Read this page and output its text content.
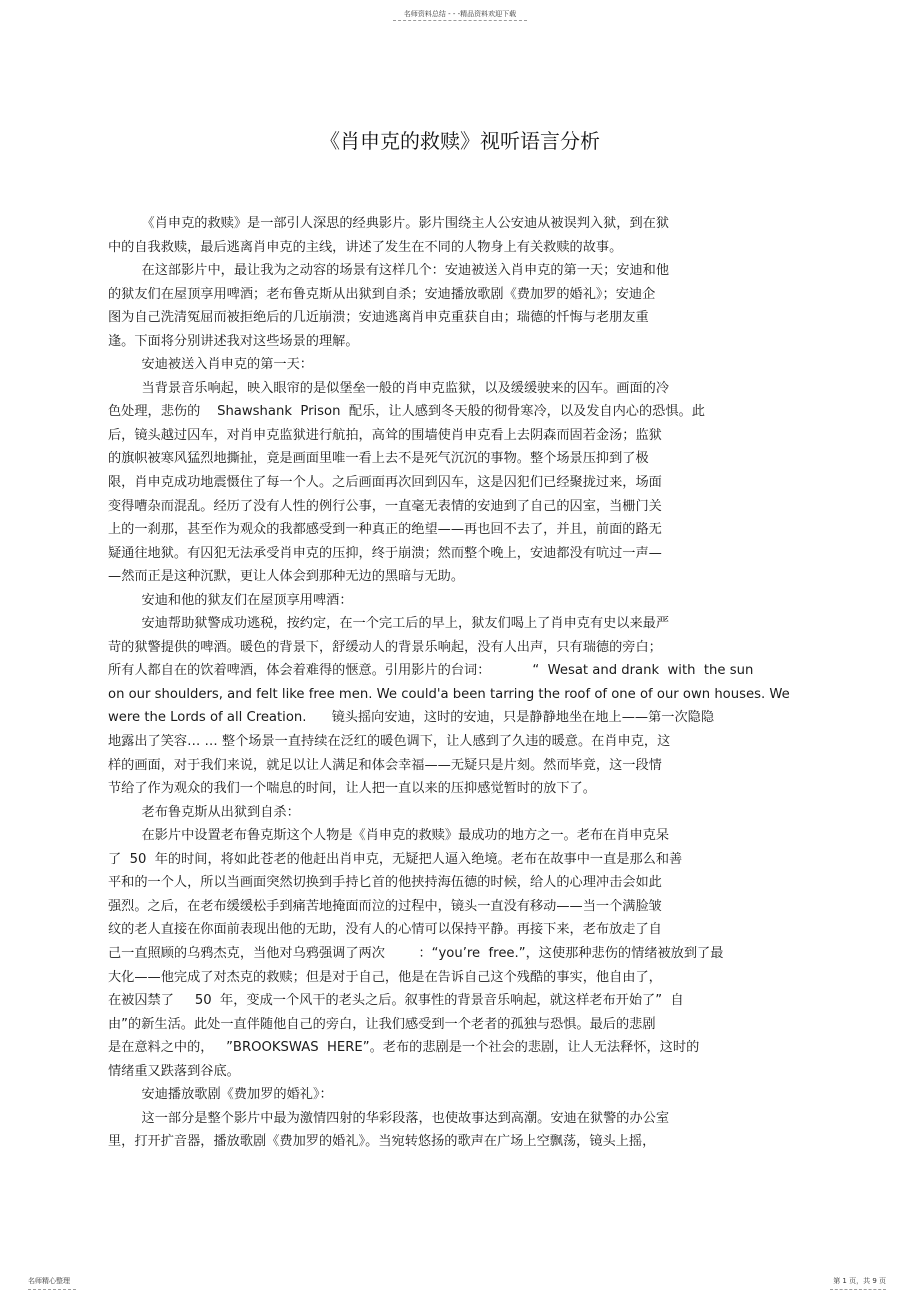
名师资料总结 - - -精品资料欢迎下载
《肖申克的救赎》视听语言分析
《肖申克的救赎》是一部引人深思的经典影片。影片围绕主人公安迪从被误判入狱，到在狱
中的自我救赎，最后逃离肖申克的主线，讲述了发生在不同的人物身上有关救赎的故事。
在这部影片中，最让我为之动容的场景有这样几个：安迪被送入肖申克的第一天；安迪和他
的狱友们在屋顶享用啤酒；老布鲁克斯从出狱到自杀；安迪播放歌剧《费加罗的婚礼》；安迪企
图为自己洗清冤屈而被拒绝后的几近崩溃；安迪逃离肖申克重获自由；瑞德的忏悔与老朋友重
逢。下面将分别讲述我对这些场景的理解。
安迪被送入肖申克的第一天：
当背景音乐响起，映入眼帘的是似堡垒一般的肖申克监狱，以及缓缓驶来的囚车。画面的冷
色处理，悲伤的    Shawshank  Prison  配乐，让人感到冬天般的彻骨寒冷，以及发自内心的恐惧。此
后，镜头越过囚车，对肖申克监狱进行航拍，高耸的围墙使肖申克看上去阴森而固若金汤；监狱
的旗帜被寒风猛烈地撕扯，竟是画面里唯一看上去不是死气沉沉的事物。整个场景压抑到了极
限，肖申克成功地震慑住了每一个人。之后画面再次回到囚车，这是囚犯们已经聚拢过来，场面
变得嘈杂而混乱。经历了没有人性的例行公事，一直毫无表情的安迪到了自己的囚室，当栅门关
上的一刹那，甚至作为观众的我都感受到一种真正的绝望——再也回不去了，并且，前面的路无
疑通往地狱。有囚犯无法承受肖申克的压抑，终于崩溃；然而整个晚上，安迪都没有吭过一声—
—然而正是这种沉默，更让人体会到那种无边的黑暗与无助。
安迪和他的狱友们在屋顶享用啤酒：
安迪帮助狱警成功逃税，按约定，在一个完工后的早上，狱友们喝上了肖申克有史以来最严
苛的狱警提供的啤酒。暖色的背景下，舒缓动人的背景乐响起，没有人出声，只有瑞德的旁白；
所有人都自在的饮着啤酒，体会着难得的惬意。引用影片的台词：          “  Wesat and drank  with  the sun
on our shoulders, and felt like free men. We could'a been tarring the roof of one of our own houses. We
were the Lords of all Creation.      镜头摇向安迪，这时的安迪，只是静静地坐在地上——第一次隐隐
地露出了笑容… … 整个场景一直持续在泛红的暖色调下，让人感到了久违的暖意。在肖申克，这
样的画面，对于我们来说，就足以让人满足和体会幸福——无疑只是片刻。然而毕竟，这一段情
节给了作为观众的我们一个喘息的时间，让人把一直以来的压抑感觉暂时的放下了。
老布鲁克斯从出狱到自杀：
在影片中设置老布鲁克斯这个人物是《肖申克的救赎》最成功的地方之一。老布在肖申克呆
了  50  年的时间，将如此苍老的他赶出肖申克，无疑把人逼入绝境。老布在故事中一直是那么和善
平和的一个人，所以当画面突然切换到手持匕首的他挟持海伍德的时候，给人的心理冲击会如此
强烈。之后，在老布缓缓松手到痛苦地掩面而泣的过程中，镜头一直没有移动——当一个满脸皱
纹的老人直接在你面前表现出他的无助，没有人的心情可以保持平静。再接下来，老布放走了自
己一直照顾的乌鸦杰克，当他对乌鸦强调了两次        ：“you’re  free.”，这使那种悲伤的情绪被放到了最
大化——他完成了对杰克的救赎；但是对于自己，他是在告诉自己这个残酷的事实，他自由了，
在被囚禁了     50  年，变成一个风干的老头之后。叙事性的背景音乐响起，就这样老布开始了”  自
由”的新生活。此处一直伴随他自己的旁白，让我们感受到一个老者的孤独与恐惧。最后的悲剧
是在意料之中的，   ”BROOKSWAS  HERE”。老布的悲剧是一个社会的悲剧，让人无法释怀，这时的
情绪重又跌落到谷底。
安迪播放歌剧《费加罗的婚礼》：
这一部分是整个影片中最为激情四射的华彩段落，也使故事达到高潮。安迪在狱警的办公室
里，打开扩音器，播放歌剧《费加罗的婚礼》。当宛转悠扬的歌声在广场上空飘荡，镜头上摇，
名师精心整理	第 1 页，共 9 页
